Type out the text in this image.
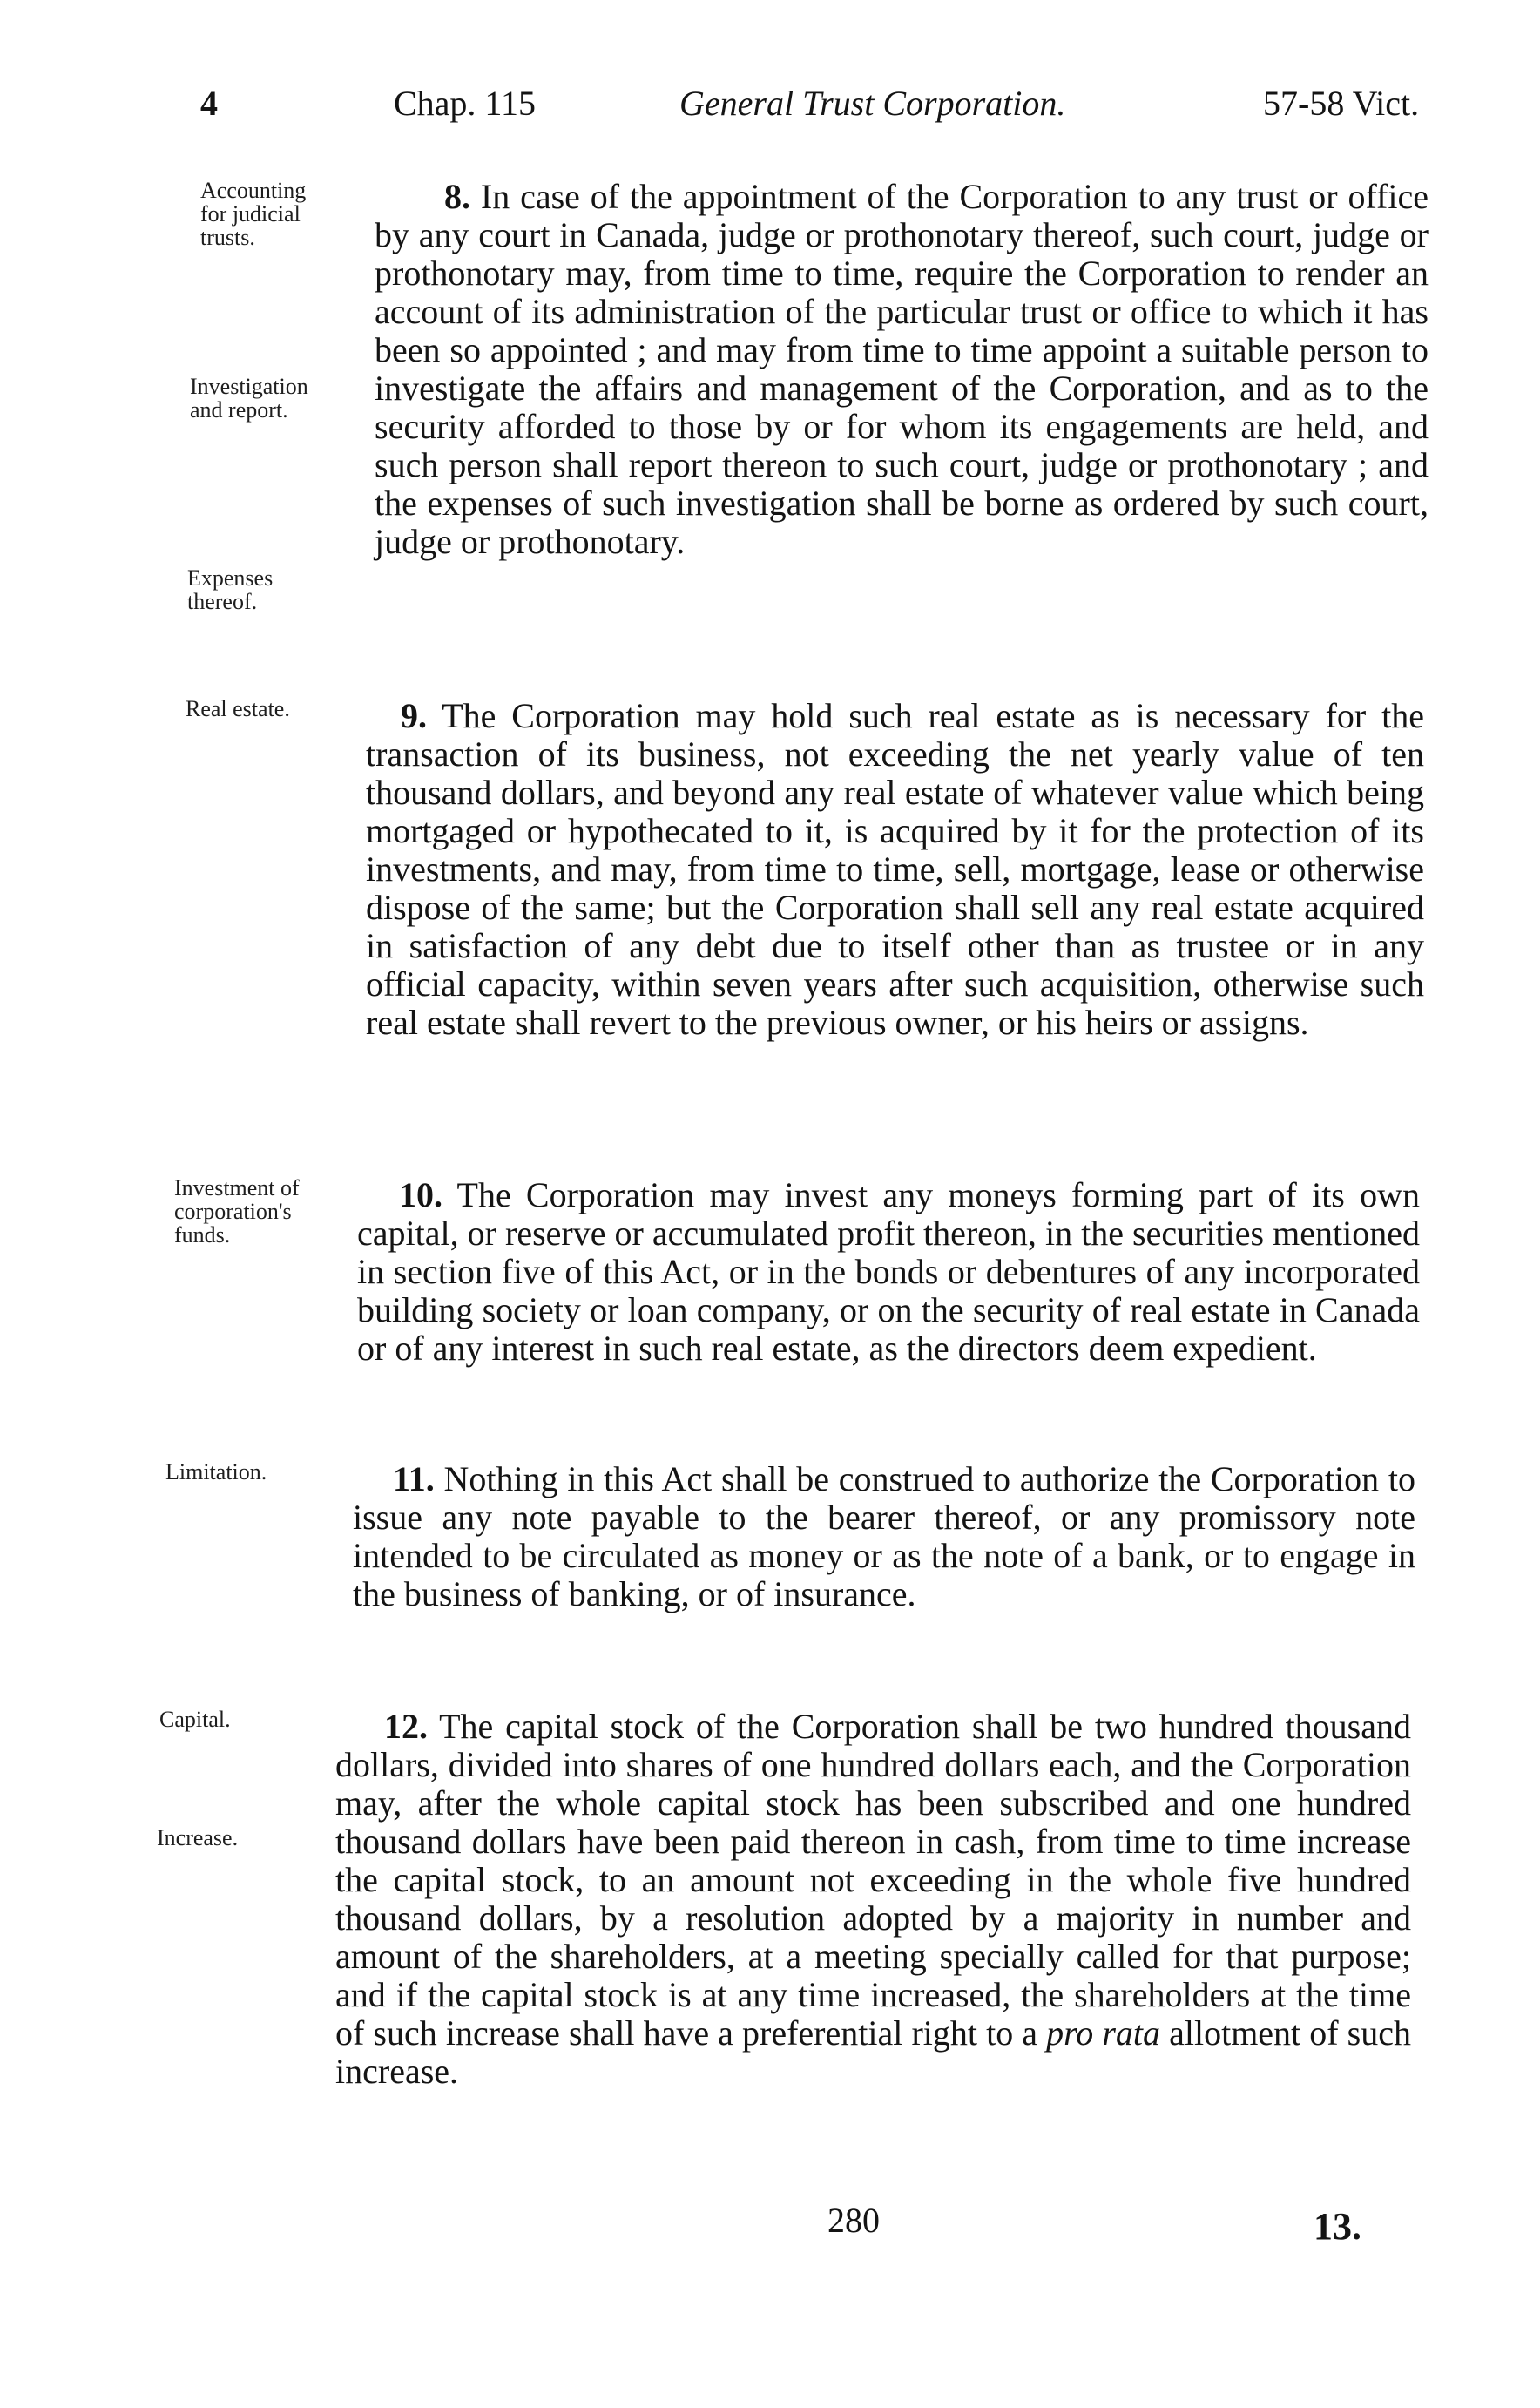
4	Chap. 115	General Trust Corporation.	57-58 Vict.
Accounting
for judicial
trusts.
Investigation
and report.
Expenses
thereof.
Real estate.
Investment of
corporation's
funds.
Limitation.
Capital.
Increase.
8. In case of the appointment of the Corporation to any trust or office by any court in Canada, judge or prothonotary thereof, such court, judge or prothonotary may, from time to time, require the Corporation to render an account of its administration of the particular trust or office to which it has been so appointed ; and may from time to time appoint a suitable person to investigate the affairs and management of the Corporation, and as to the security afforded to those by or for whom its engagements are held, and such person shall report thereon to such court, judge or prothonotary ; and the expenses of such investigation shall be borne as ordered by such court, judge or prothonotary.
9. The Corporation may hold such real estate as is necessary for the transaction of its business, not exceeding the net yearly value of ten thousand dollars, and beyond any real estate of whatever value which being mortgaged or hypothecated to it, is acquired by it for the protection of its investments, and may, from time to time, sell, mortgage, lease or otherwise dispose of the same; but the Corporation shall sell any real estate acquired in satisfaction of any debt due to itself other than as trustee or in any official capacity, within seven years after such acquisition, otherwise such real estate shall revert to the previous owner, or his heirs or assigns.
10. The Corporation may invest any moneys forming part of its own capital, or reserve or accumulated profit thereon, in the securities mentioned in section five of this Act, or in the bonds or debentures of any incorporated building society or loan company, or on the security of real estate in Canada or of any interest in such real estate, as the directors deem expedient.
11. Nothing in this Act shall be construed to authorize the Corporation to issue any note payable to the bearer thereof, or any promissory note intended to be circulated as money or as the note of a bank, or to engage in the business of banking, or of insurance.
12. The capital stock of the Corporation shall be two hundred thousand dollars, divided into shares of one hundred dollars each, and the Corporation may, after the whole capital stock has been subscribed and one hundred thousand dollars have been paid thereon in cash, from time to time increase the capital stock, to an amount not exceeding in the whole five hundred thousand dollars, by a resolution adopted by a majority in number and amount of the shareholders, at a meeting specially called for that purpose; and if the capital stock is at any time increased, the shareholders at the time of such increase shall have a preferential right to a pro rata allotment of such increase.
280	13.
